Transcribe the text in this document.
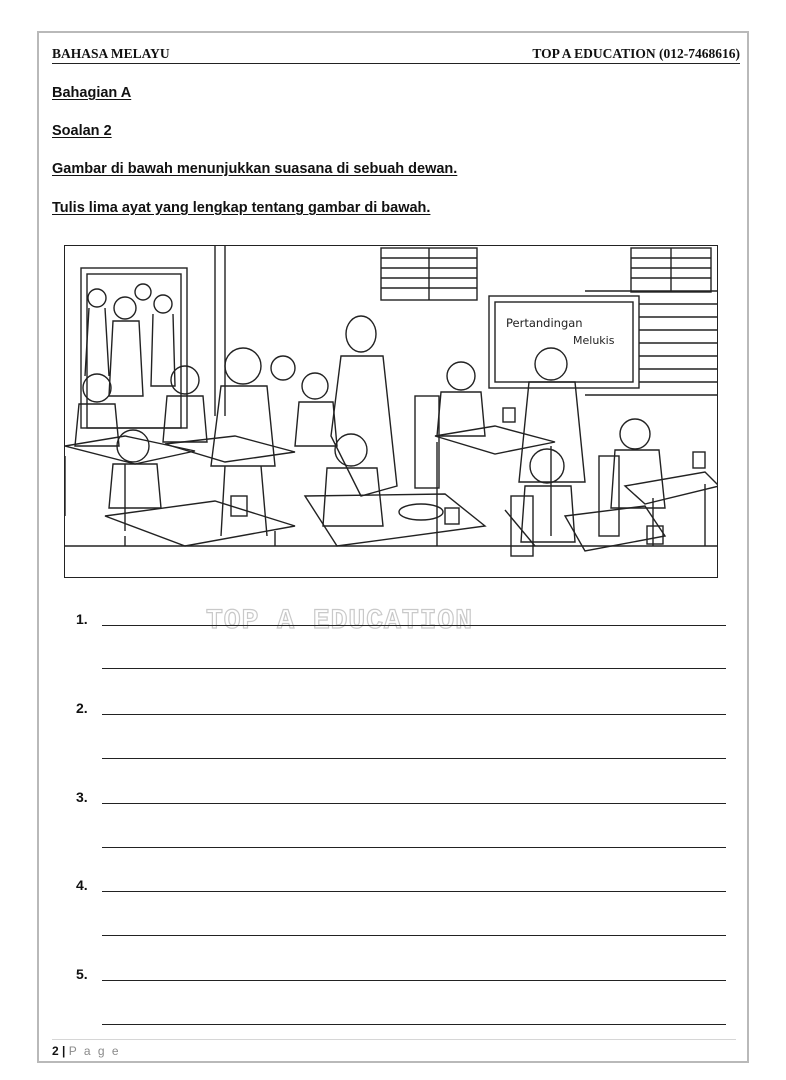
BAHASA MELAYU	TOP A EDUCATION (012-7468616)
Bahagian A
Soalan 2
Gambar di bawah menunjukkan suasana di sebuah dewan.
Tulis lima ayat yang lengkap tentang gambar di bawah.
Pertandingan
Melukis
TOP A EDUCATION
1.
2.
3.
4.
5.
2 | P a g e
